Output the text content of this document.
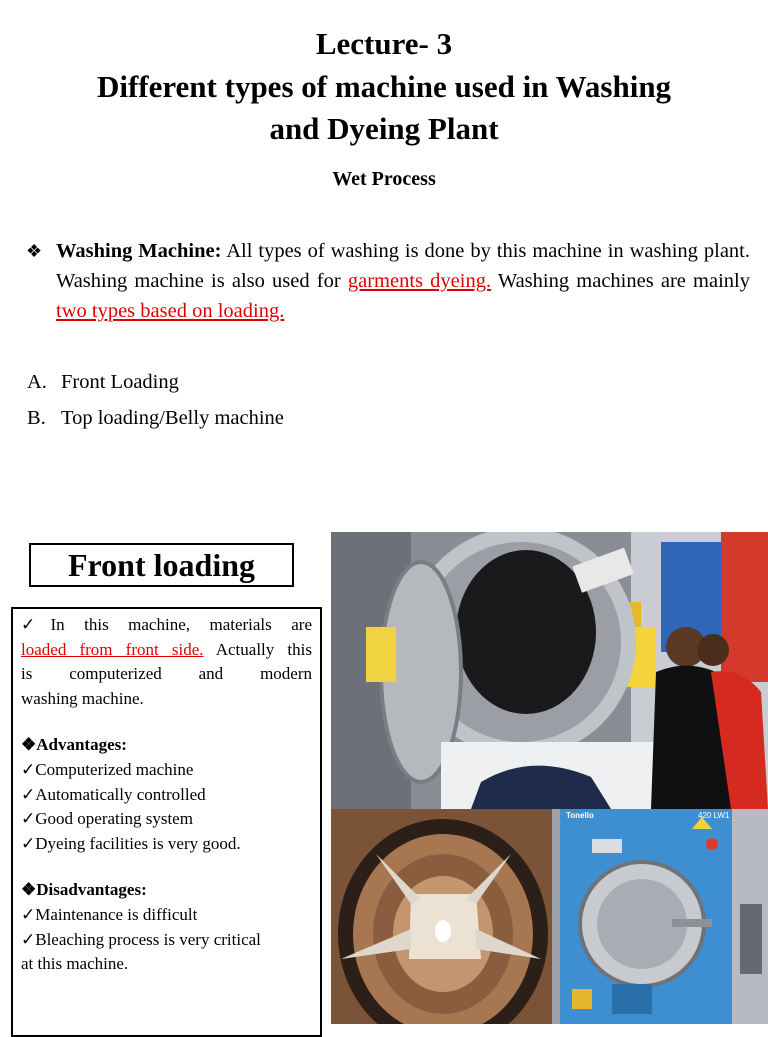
Lecture- 3
Different types of machine used in Washing
and Dyeing Plant
Wet Process
❖ Washing Machine: All types of washing is done by this machine in washing plant. Washing machine is also used for garments dyeing. Washing machines are mainly two types based on loading.
A. Front Loading
B. Top loading/Belly machine
Front loading
✓In this machine, materials are
loaded from front side. Actually this
is computerized and modern
washing machine.
❖Advantages:
✓Computerized machine
✓Automatically controlled
✓Good operating system
✓Dyeing facilities is very good.
❖Disadvantages:
✓Maintenance is difficult
✓Bleaching process is very critical
at this machine.
Tonello	420 LW1
